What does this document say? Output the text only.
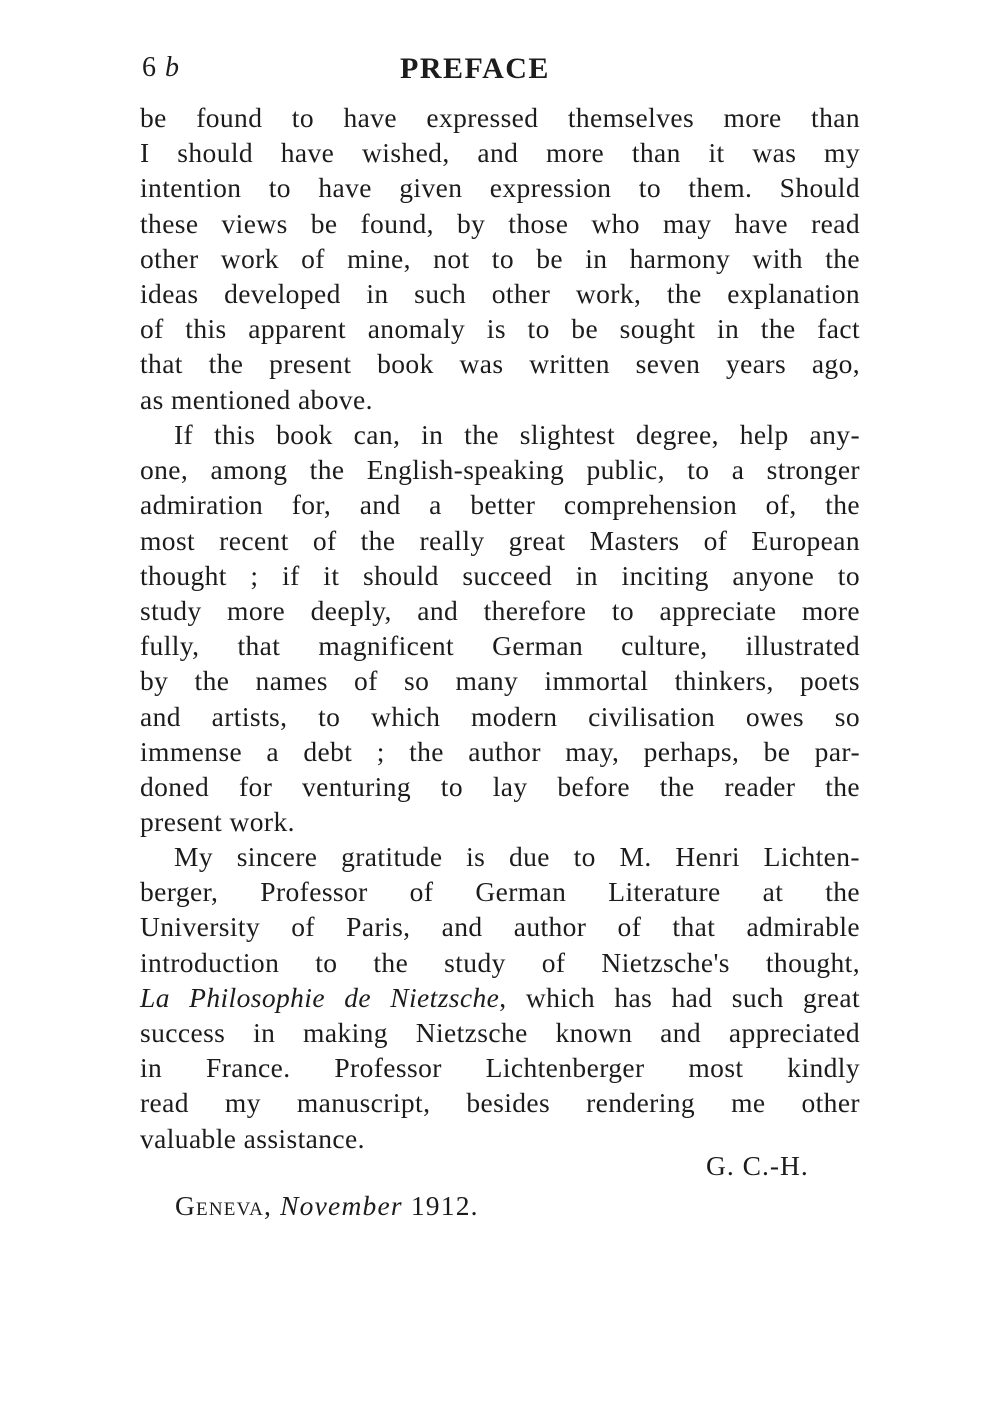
6 b	PREFACE
be found to have expressed themselves more than
I should have wished, and more than it was my
intention to have given expression to them. Should
these views be found, by those who may have read
other work of mine, not to be in harmony with the
ideas developed in such other work, the explanation
of this apparent anomaly is to be sought in the fact
that the present book was written seven years ago,
as mentioned above.
If this book can, in the slightest degree, help any-
one, among the English-speaking public, to a stronger
admiration for, and a better comprehension of, the
most recent of the really great Masters of European
thought ; if it should succeed in inciting anyone to
study more deeply, and therefore to appreciate more
fully, that magnificent German culture, illustrated
by the names of so many immortal thinkers, poets
and artists, to which modern civilisation owes so
immense a debt ; the author may, perhaps, be par-
doned for venturing to lay before the reader the
present work.
My sincere gratitude is due to M. Henri Lichten-
berger, Professor of German Literature at the
University of Paris, and author of that admirable
introduction to the study of Nietzsche's thought,
La Philosophie de Nietzsche, which has had such great
success in making Nietzsche known and appreciated
in France. Professor Lichtenberger most kindly
read my manuscript, besides rendering me other
valuable assistance.
G. C.-H.
Geneva, November 1912.
